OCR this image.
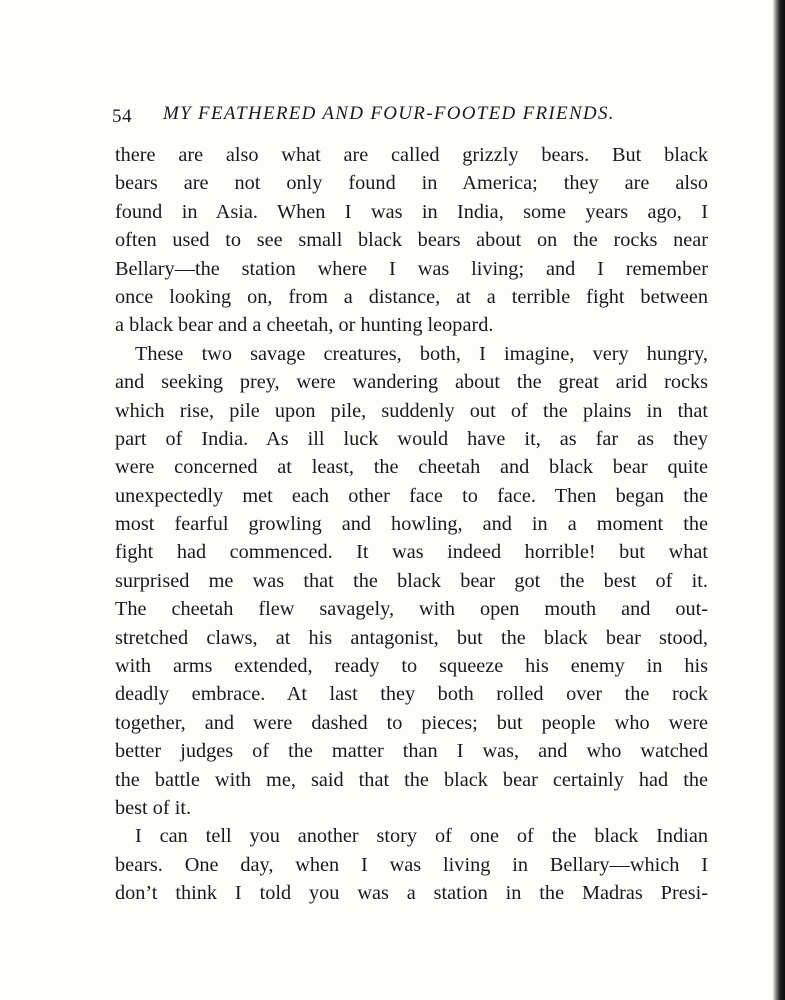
54 MY FEATHERED AND FOUR-FOOTED FRIENDS.
there are also what are called grizzly bears. But black
bears are not only found in America; they are also
found in Asia. When I was in India, some years ago, I
often used to see small black bears about on the rocks near
Bellary—the station where I was living; and I remember
once looking on, from a distance, at a terrible fight between
a black bear and a cheetah, or hunting leopard.
These two savage creatures, both, I imagine, very hungry,
and seeking prey, were wandering about the great arid rocks
which rise, pile upon pile, suddenly out of the plains in that
part of India. As ill luck would have it, as far as they
were concerned at least, the cheetah and black bear quite
unexpectedly met each other face to face. Then began the
most fearful growling and howling, and in a moment the
fight had commenced. It was indeed horrible! but what
surprised me was that the black bear got the best of it.
The cheetah flew savagely, with open mouth and out-
stretched claws, at his antagonist, but the black bear stood,
with arms extended, ready to squeeze his enemy in his
deadly embrace. At last they both rolled over the rock
together, and were dashed to pieces; but people who were
better judges of the matter than I was, and who watched
the battle with me, said that the black bear certainly had the
best of it.
I can tell you another story of one of the black Indian
bears. One day, when I was living in Bellary—which I
don’t think I told you was a station in the Madras Presi-
